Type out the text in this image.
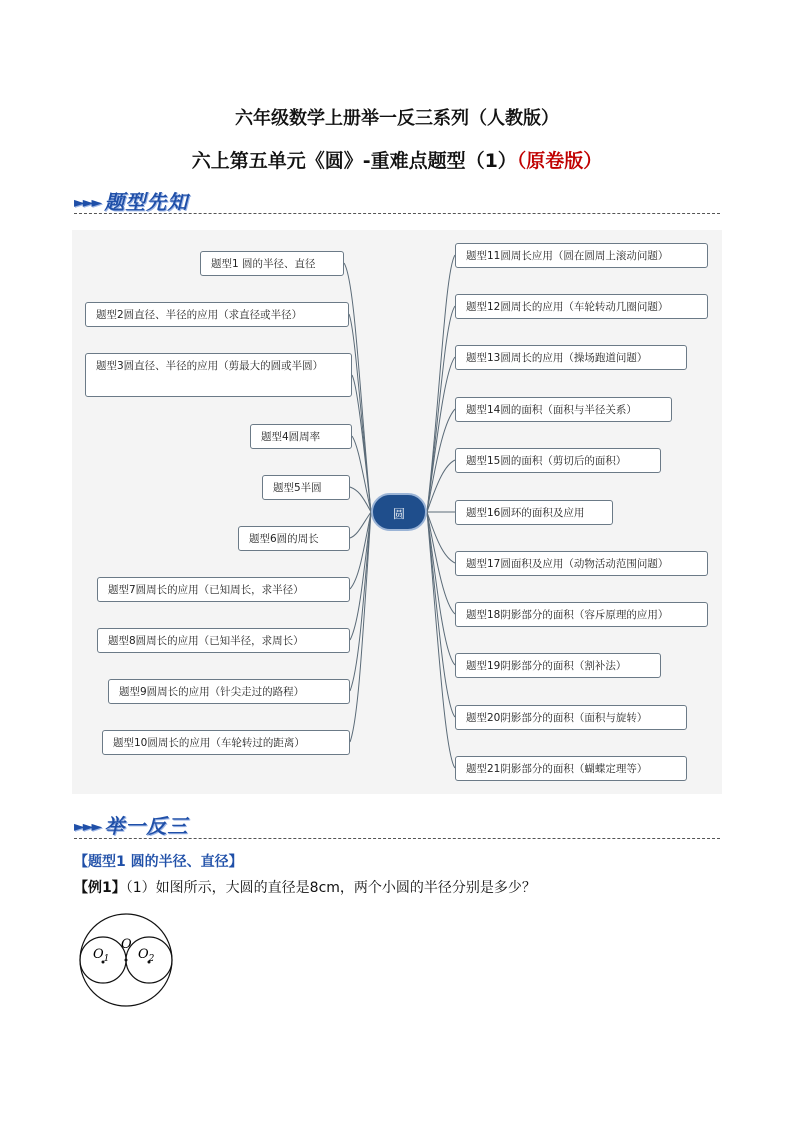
六年级数学上册举一反三系列（人教版）
六上第五单元《圆》-重难点题型（1）（原卷版）
►►► 题型先知
圆
题型1 圆的半径、直径
题型2圆直径、半径的应用（求直径或半径）
题型3圆直径、半径的应用（剪最大的圆或半圆）
题型4圆周率
题型5半圆
题型6圆的周长
题型7圆周长的应用（已知周长，求半径）
题型8圆周长的应用（已知半径，求周长）
题型9圆周长的应用（针尖走过的路程）
题型10圆周长的应用（车轮转过的距离）
题型11圆周长应用（圆在圆周上滚动问题）
题型12圆周长的应用（车轮转动几圈问题）
题型13圆周长的应用（操场跑道问题）
题型14圆的面积（面积与半径关系）
题型15圆的面积（剪切后的面积）
题型16圆环的面积及应用
题型17圆面积及应用（动物活动范围问题）
题型18阴影部分的面积（容斥原理的应用）
题型19阴影部分的面积（割补法）
题型20阴影部分的面积（面积与旋转）
题型21阴影部分的面积（蝴蝶定理等）
►►► 举一反三
【题型1 圆的半径、直径】
【例1】（1）如图所示，大圆的直径是8cm，两个小圆的半径分别是多少？
O
$O_1$ $O_2$
